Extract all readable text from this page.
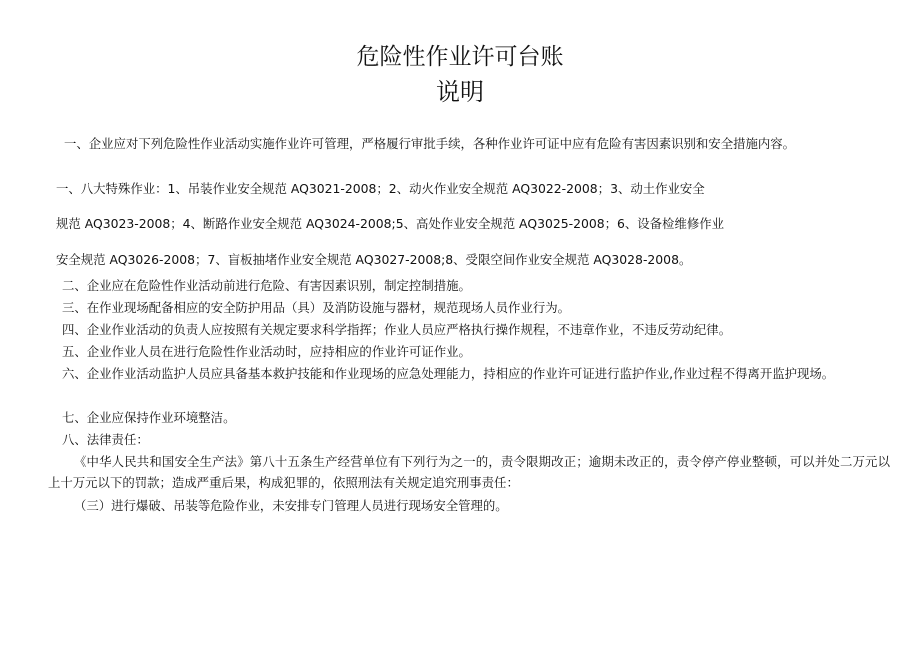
危险性作业许可台账
说明
一、企业应对下列危险性作业活动实施作业许可管理，严格履行审批手续，各种作业许可证中应有危险有害因素识别和安全措施内容。
一、八大特殊作业：1、吊装作业安全规范 AQ3021-2008；2、动火作业安全规范 AQ3022-2008；3、动土作业安全
规范 AQ3023-2008；4、断路作业安全规范 AQ3024-2008;5、高处作业安全规范 AQ3025-2008；6、设备检维修作业
安全规范 AQ3026-2008；7、盲板抽堵作业安全规范 AQ3027-2008;8、受限空间作业安全规范 AQ3028-2008。
二、企业应在危险性作业活动前进行危险、有害因素识别，制定控制措施。
三、在作业现场配备相应的安全防护用品（具）及消防设施与器材，规范现场人员作业行为。
四、企业作业活动的负责人应按照有关规定要求科学指挥；作业人员应严格执行操作规程，不违章作业，不违反劳动纪律。
五、企业作业人员在进行危险性作业活动时，应持相应的作业许可证作业。
六、企业作业活动监护人员应具备基本救护技能和作业现场的应急处理能力，持相应的作业许可证进行监护作业,作业过程不得离开监护现场。
七、企业应保持作业环境整洁。
八、法律责任：
《中华人民共和国安全生产法》第八十五条生产经营单位有下列行为之一的，责令限期改正；逾期未改正的，责令停产停业整顿，可以并处二万元以上十万元以下的罚款；造成严重后果，构成犯罪的，依照刑法有关规定追究刑事责任：
（三）进行爆破、吊装等危险作业，未安排专门管理人员进行现场安全管理的。
